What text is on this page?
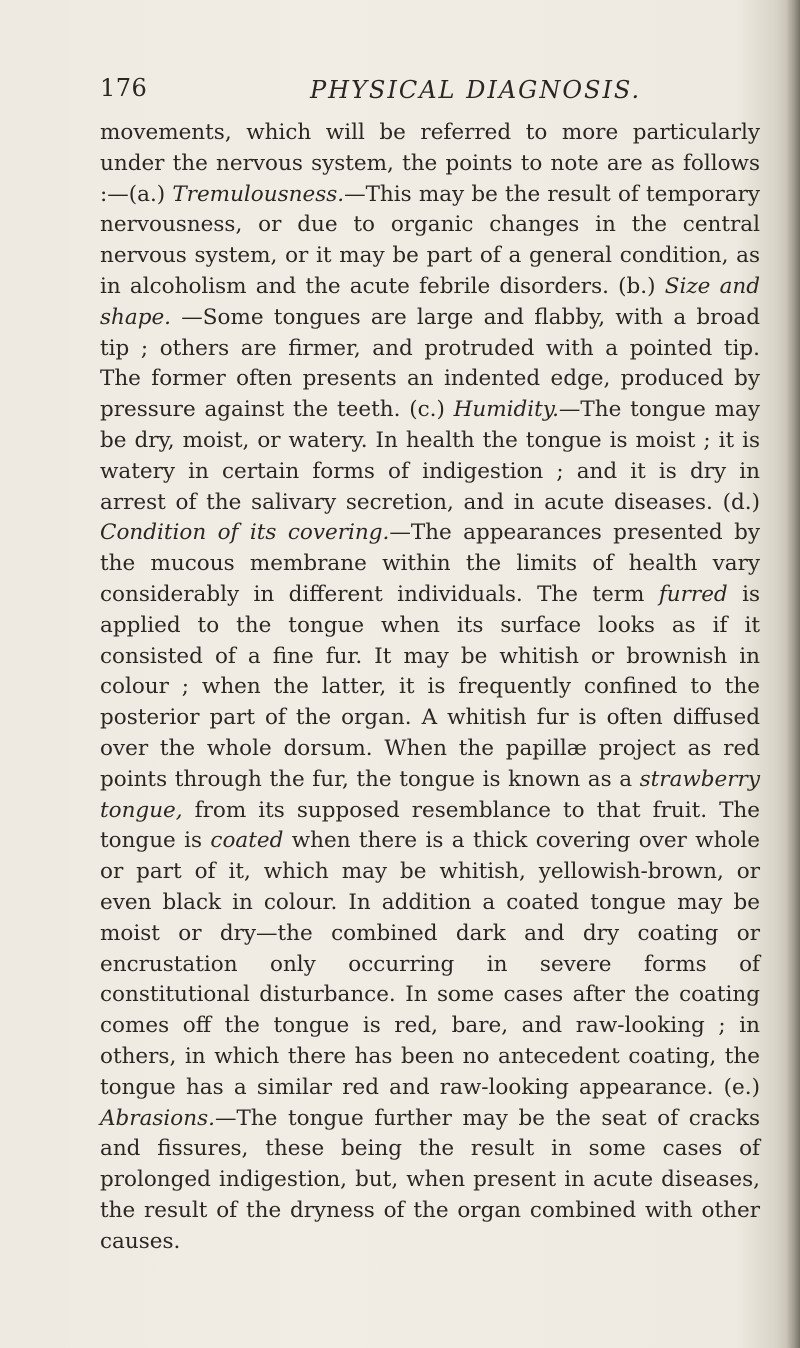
176	PHYSICAL DIAGNOSIS.

movements, which will be referred to more particularly under the nervous system, the points to note are as follows :—(a.) Tremulousness.—This may be the result of temporary nervousness, or due to organic changes in the central nervous system, or it may be part of a general condition, as in alcoholism and the acute febrile disorders. (b.) Size and shape. —Some tongues are large and flabby, with a broad tip ; others are firmer, and protruded with a pointed tip. The former often presents an indented edge, produced by pressure against the teeth. (c.) Humidity.—The tongue may be dry, moist, or watery. In health the tongue is moist ; it is watery in certain forms of indigestion ; and it is dry in arrest of the salivary secretion, and in acute diseases. (d.) Condition of its covering.—The appearances presented by the mucous membrane within the limits of health vary considerably in different individuals. The term furred is applied to the tongue when its surface looks as if it consisted of a fine fur. It may be whitish or brownish in colour ; when the latter, it is frequently confined to the posterior part of the organ. A whitish fur is often diffused over the whole dorsum. When the papillæ project as red points through the fur, the tongue is known as a strawberry tongue, from its supposed resemblance to that fruit. The tongue is coated when there is a thick covering over whole or part of it, which may be whitish, yellowish-brown, or even black in colour. In addition a coated tongue may be moist or dry—the combined dark and dry coating or encrustation only occurring in severe forms of constitutional disturbance. In some cases after the coating comes off the tongue is red, bare, and raw-looking ; in others, in which there has been no antecedent coating, the tongue has a similar red and raw-looking appearance. (e.) Abrasions.—The tongue further may be the seat of cracks and fissures, these being the result in some cases of prolonged indigestion, but, when present in acute diseases, the result of the dryness of the organ combined with other causes.
